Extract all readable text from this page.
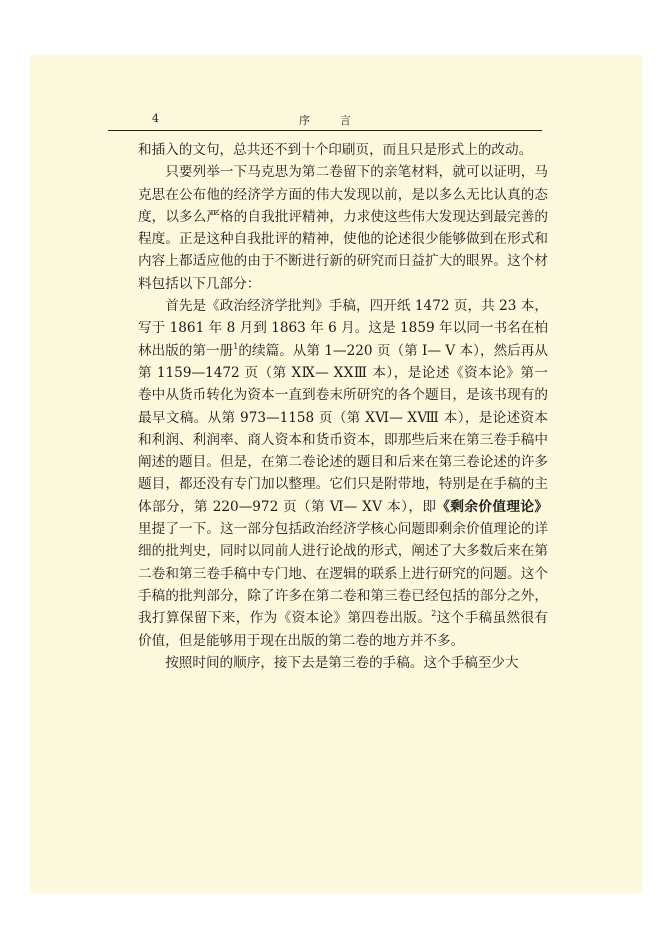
4	序 言

和插入的文句，总共还不到十个印刷页，而且只是形式上的改动。

只要列举一下马克思为第二卷留下的亲笔材料，就可以证明，马克思在公布他的经济学方面的伟大发现以前，是以多么无比认真的态度，以多么严格的自我批评精神，力求使这些伟大发现达到最完善的程度。正是这种自我批评的精神，使他的论述很少能够做到在形式和内容上都适应他的由于不断进行新的研究而日益扩大的眼界。这个材料包括以下几部分：

首先是《政治经济学批判》手稿，四开纸 1472 页，共 23 本，写于 1861 年 8 月到 1863 年 6 月。这是 1859 年以同一书名在柏林出版的第一册$^1$的续篇。从第 1—220 页（第 Ⅰ— Ⅴ 本），然后再从第 1159—1472 页（第 ⅩⅨ— ⅩⅩⅢ 本），是论述《资本论》第一卷中从货币转化为资本一直到卷末所研究的各个题目，是该书现有的最早文稿。从第 973—1158 页（第 ⅩⅥ— ⅩⅧ 本），是论述资本和利润、利润率、商人资本和货币资本，即那些后来在第三卷手稿中阐述的题目。但是，在第二卷论述的题目和后来在第三卷论述的许多题目，都还没有专门加以整理。它们只是附带地，特别是在手稿的主体部分，第 220—972 页（第 Ⅵ— ⅩⅤ 本），即《剩余价值理论》里提了一下。这一部分包括政治经济学核心问题即剩余价值理论的详细的批判史，同时以同前人进行论战的形式，阐述了大多数后来在第二卷和第三卷手稿中专门地、在逻辑的联系上进行研究的问题。这个手稿的批判部分，除了许多在第二卷和第三卷已经包括的部分之外，我打算保留下来，作为《资本论》第四卷出版。$^2$这个手稿虽然很有价值，但是能够用于现在出版的第二卷的地方并不多。

按照时间的顺序，接下去是第三卷的手稿。这个手稿至少大
